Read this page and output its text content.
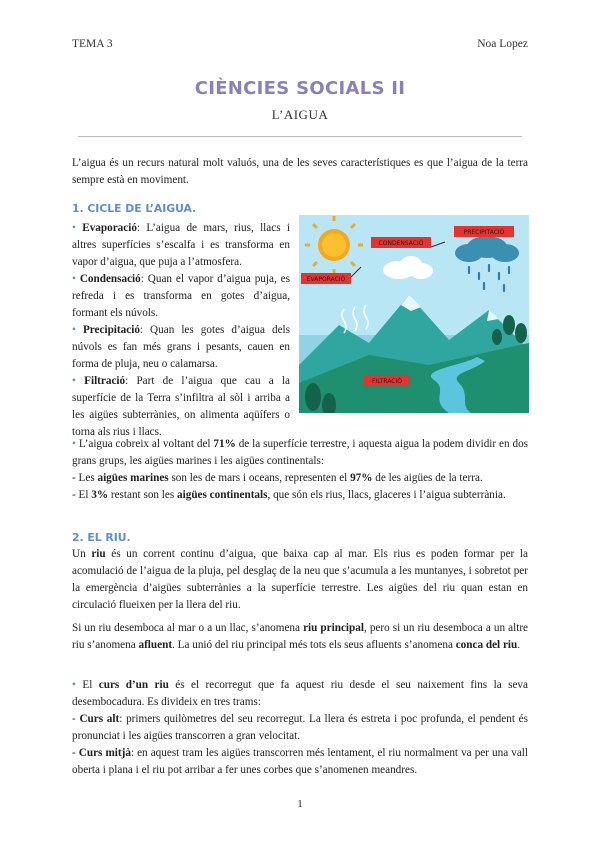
TEMA 3	Noa Lopez
CIÈNCIES SOCIALS II
L’AIGUA

L’aigua és un recurs natural molt valuós, una de les seves característiques es que l’aigua de la terra sempre està en moviment.

1. CICLE DE L’AIGUA.

• Evaporació: L’aigua de mars, rius, llacs i altres superfícies s’escalfa i es transforma en vapor d’aigua, que puja a l’atmosfera.

• Condensació: Quan el vapor d’aigua puja, es refreda i es transforma en gotes d’aigua, formant els núvols.

• Precipitació: Quan les gotes d’aigua dels núvols es fan més grans i pesants, cauen en forma de pluja, neu o calamarsa.

• Filtració: Part de l’aigua que cau a la superfície de la Terra s’infiltra al sòl i arriba a les aigües subterrànies, on alimenta aqüífers o torna als rius i llacs.

EVAPORACIÓ
CONDENSACIÓ
PRECIPITACIÓ
FILTRACIÓ

• L’aigua cobreix al voltant del 71% de la superfície terrestre, i aquesta aigua la podem dividir en dos grans grups, les aigües marines i les aigües continentals:

- Les aigües marines son les de mars i oceans, representen el 97% de les aigües de la terra.

- El 3% restant son les aigües continentals, que són els rius, llacs, glaceres i l’aigua subterrània.

2. EL RIU.

Un riu és un corrent continu d’aigua, que baixa cap al mar. Els rius es poden formar per la acomulació de l’aigua de la pluja, pel desglaç de la neu que s’acumula a les muntanyes, i sobretot per la emergència d’aigües subterrànies a la superfície terrestre. Les aigües del riu quan estan en circulació flueixen per la llera del riu.

Si un riu desemboca al mar o a un llac, s’anomena riu principal, pero si un riu desemboca a un altre riu s’anomena afluent. La unió del riu principal més tots els seus afluents s’anomena conca del riu.

• El curs d’un riu és el recorregut que fa aquest riu desde el seu naixement fins la seva desembocadura. Es divideix en tres trams:

- Curs alt: primers quilòmetres del seu recorregut. La llera és estreta i poc profunda, el pendent és pronunciat i les aigües transcorren a gran velocitat.

- Curs mitjà: en aquest tram les aigües transcorren més lentament, el riu normalment va per una vall oberta i plana i el riu pot arribar a fer unes corbes que s’anomenen meandres.

1
